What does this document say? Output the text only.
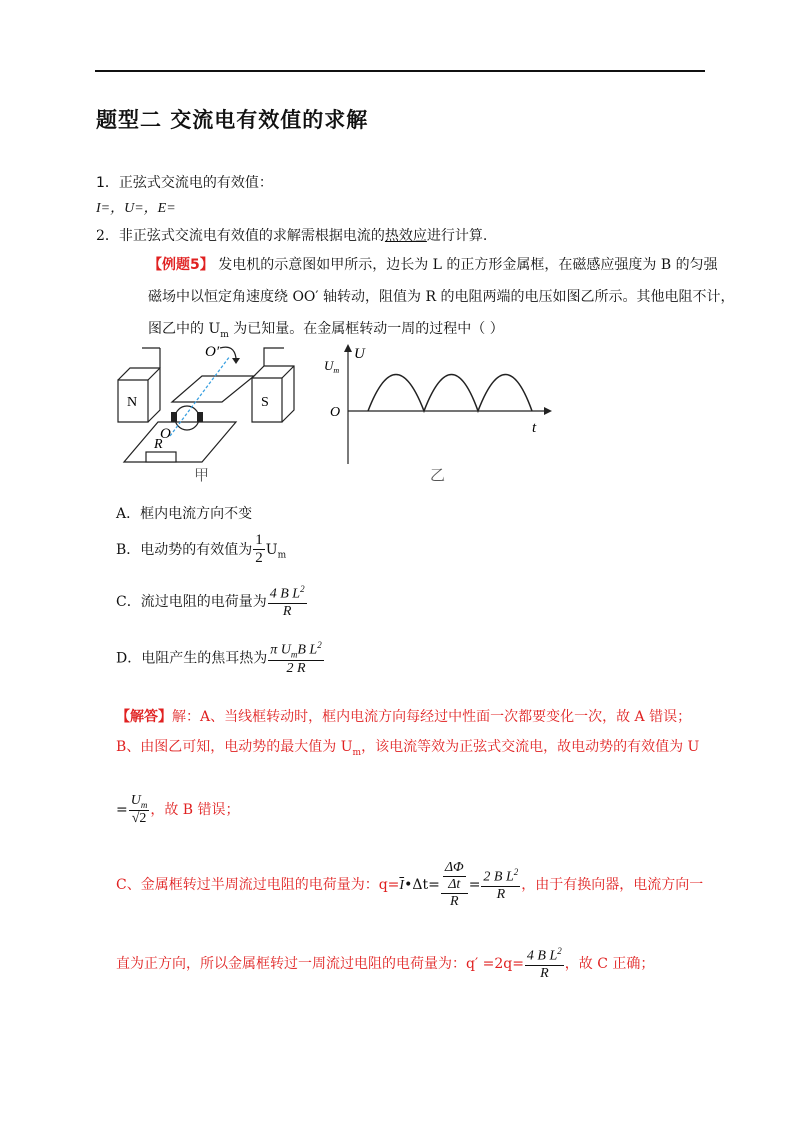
题型二 交流电有效值的求解
1．正弦式交流电的有效值：
I=，U=，E=
2．非正弦式交流电有效值的求解需根据电流的热效应进行计算.
【例题5】 发电机的示意图如甲所示，边长为 L 的正方形金属框，在磁感应强度为 B 的匀强
磁场中以恒定角速度绕 OO′ 轴转动，阻值为 R 的电阻两端的电压如图乙所示。其他电阻不计，
图乙中的 $U_m$ 为已知量。在金属框转动一周的过程中（ ）
N	S
O′
O
R
甲
U
$U_m$
O
t
乙
A．框内电流方向不变
B．电动势的有效值为 $\frac{1}{2} U_m$
C．流过电阻的电荷量为 $\frac{4 B L^2}{R}$
D．电阻产生的焦耳热为 $\frac{\pi U_mB L^2}{2 R}$
【解答】解：A、当线框转动时，框内电流方向每经过中性面一次都要变化一次，故 A 错误；
B、由图乙可知，电动势的最大值为 $U_m$，该电流等效为正弦式交流电，故电动势的有效值为 U
= $\frac{U_m}{√2}$ ，故 B 错误；
C、金属框转过半周流过电阻的电荷量为：$q=\overline{I}•\Delta t= \frac{\frac{\Delta\Phi}{\Delta t}}{R} = \frac{2 B L^2}{R}$ ，由于有换向器，电流方向一
直为正方向，所以金属框转过一周流过电阻的电荷量为：$q' =2q= \frac{4 B L^2}{R}$ ，故 C 正确；
